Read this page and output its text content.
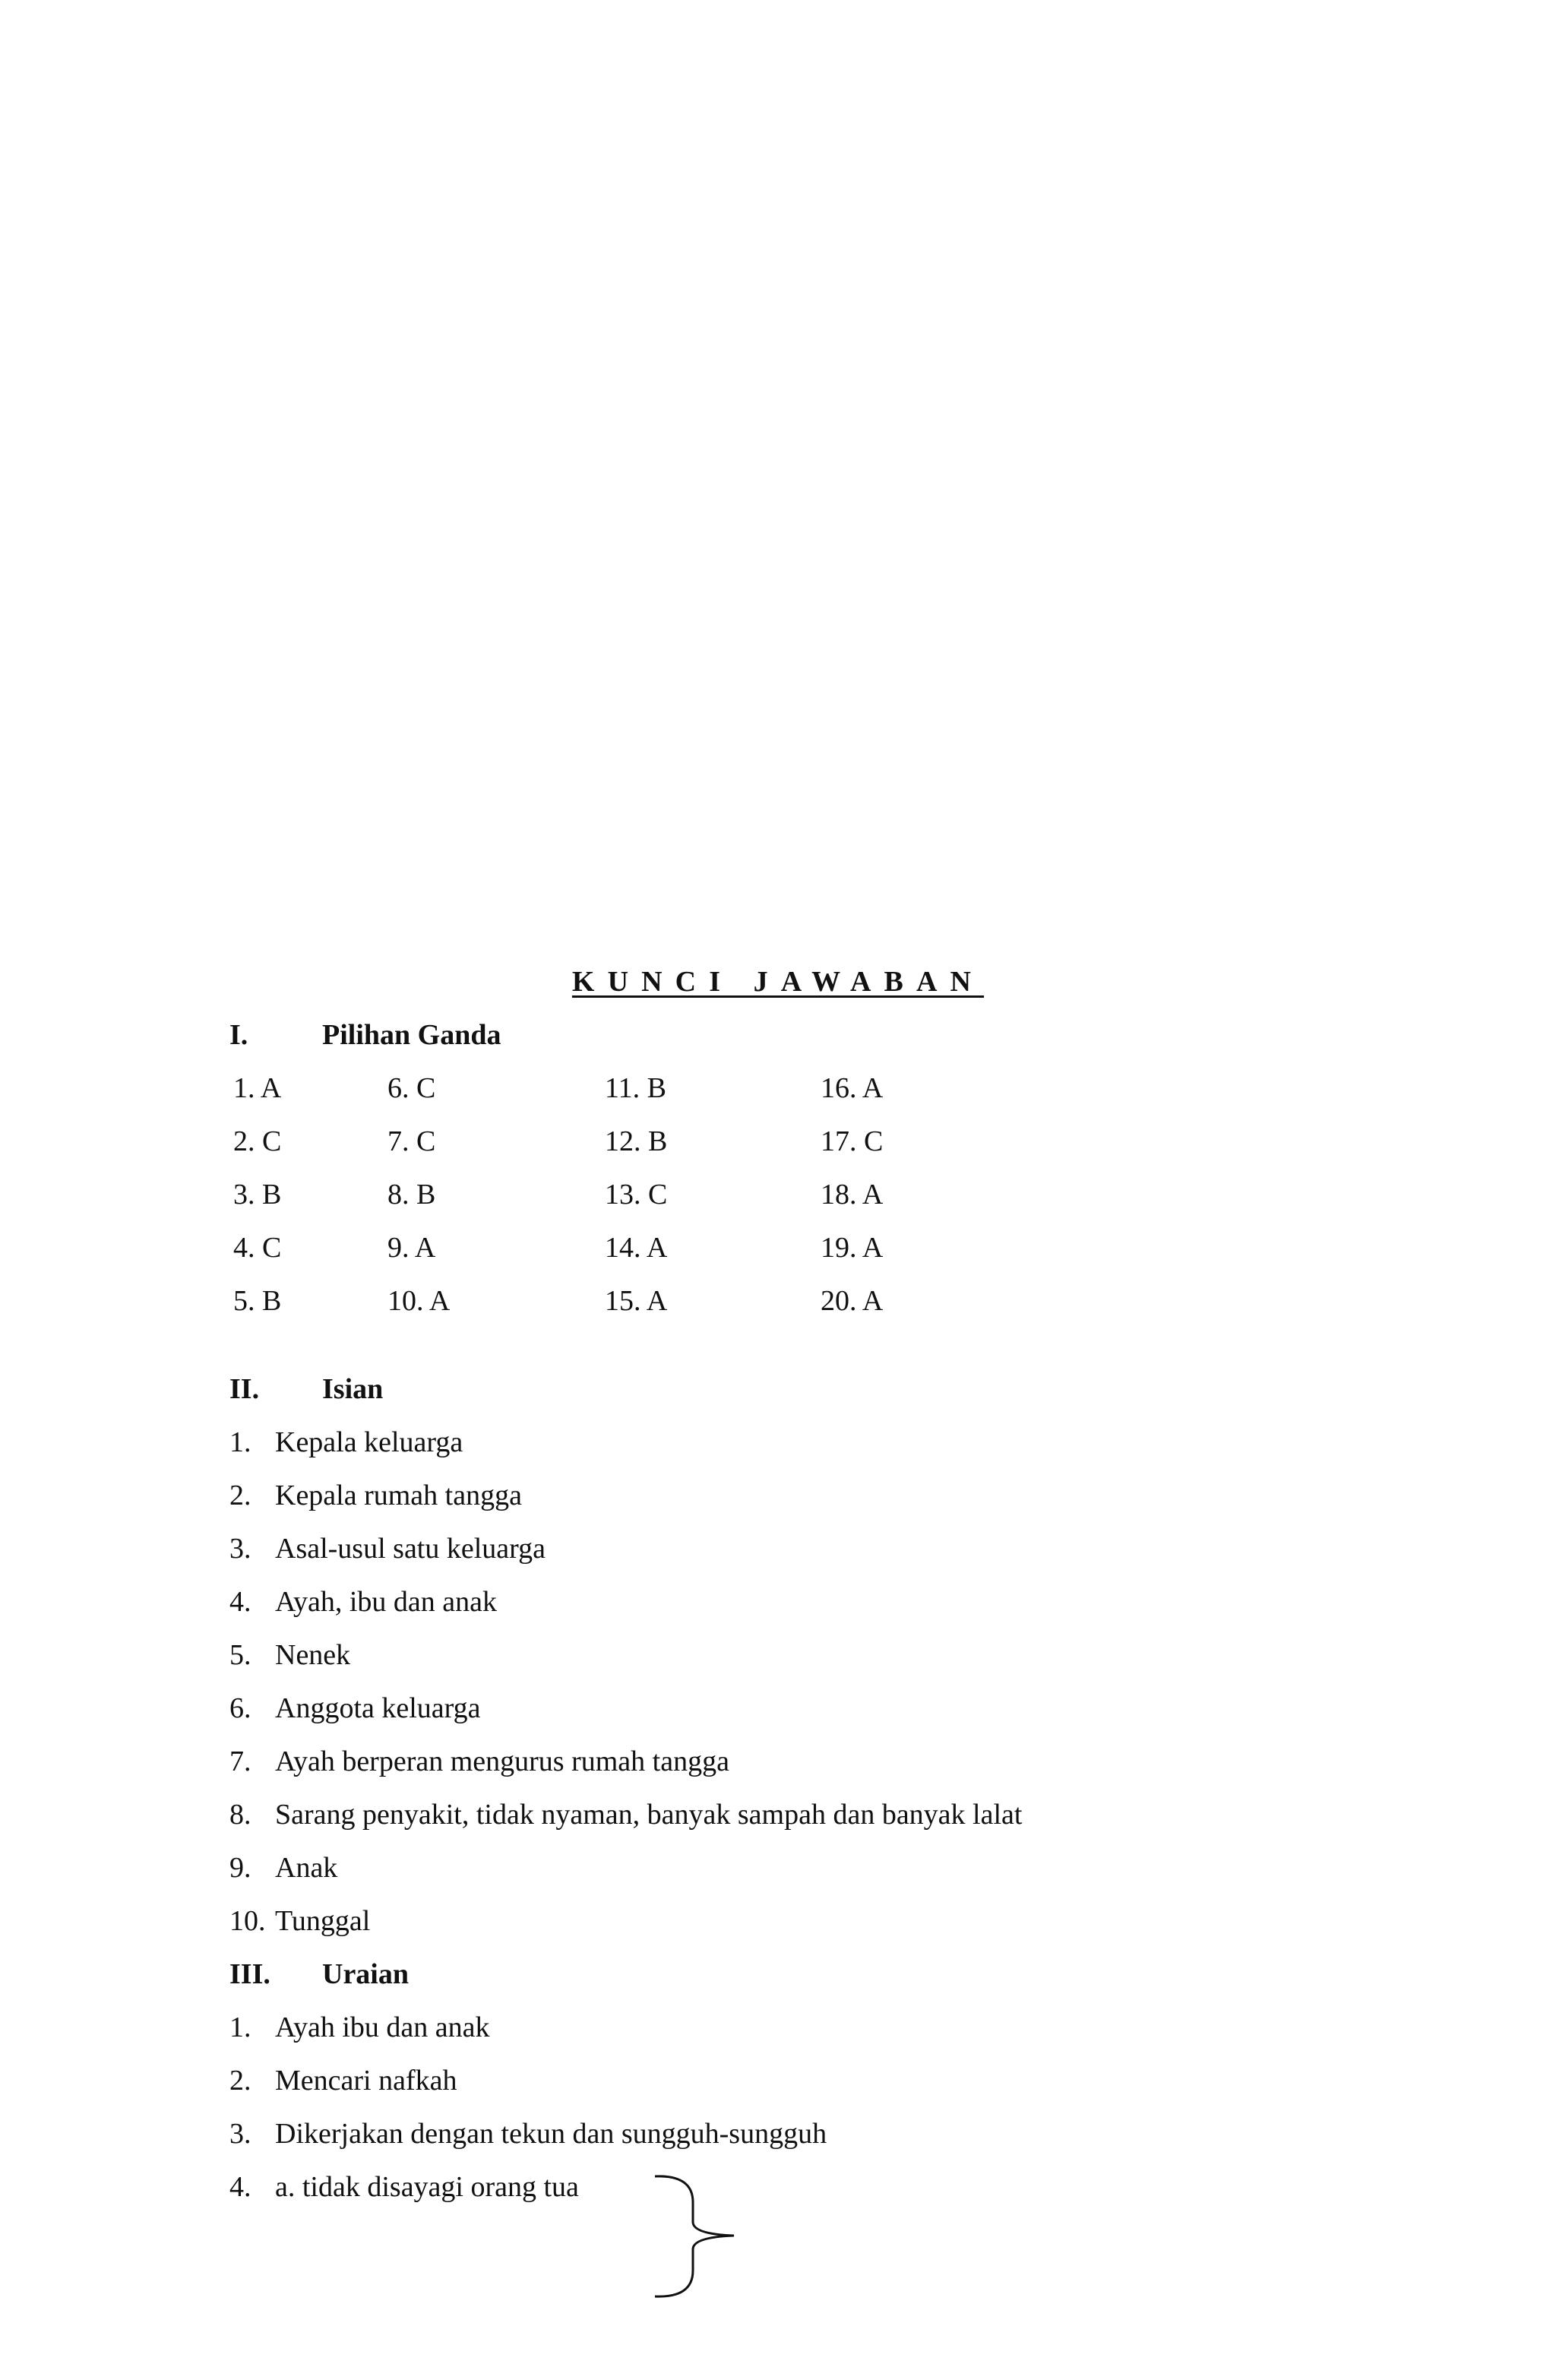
KUNCI JAWABAN
I.	Pilihan Ganda
1. A
2. C
3. B
4. C
5. B
6. C
7. C
8. B
9. A
10. A
11. B
12. B
13. C
14. A
15. A
16. A
17. C
18. A
19. A
20. A
II. Isian
1. Kepala keluarga
2. Kepala rumah tangga
3. Asal-usul satu keluarga
4. Ayah, ibu dan anak
5. Nenek
6. Anggota keluarga
7. Ayah berperan mengurus rumah tangga
8. Sarang penyakit, tidak nyaman, banyak sampah dan banyak lalat
9. Anak
10. Tunggal
III. Uraian
1. Ayah ibu dan anak
2. Mencari nafkah
3. Dikerjakan dengan tekun dan sungguh-sungguh
4. a. tidak disayagi orang tua
